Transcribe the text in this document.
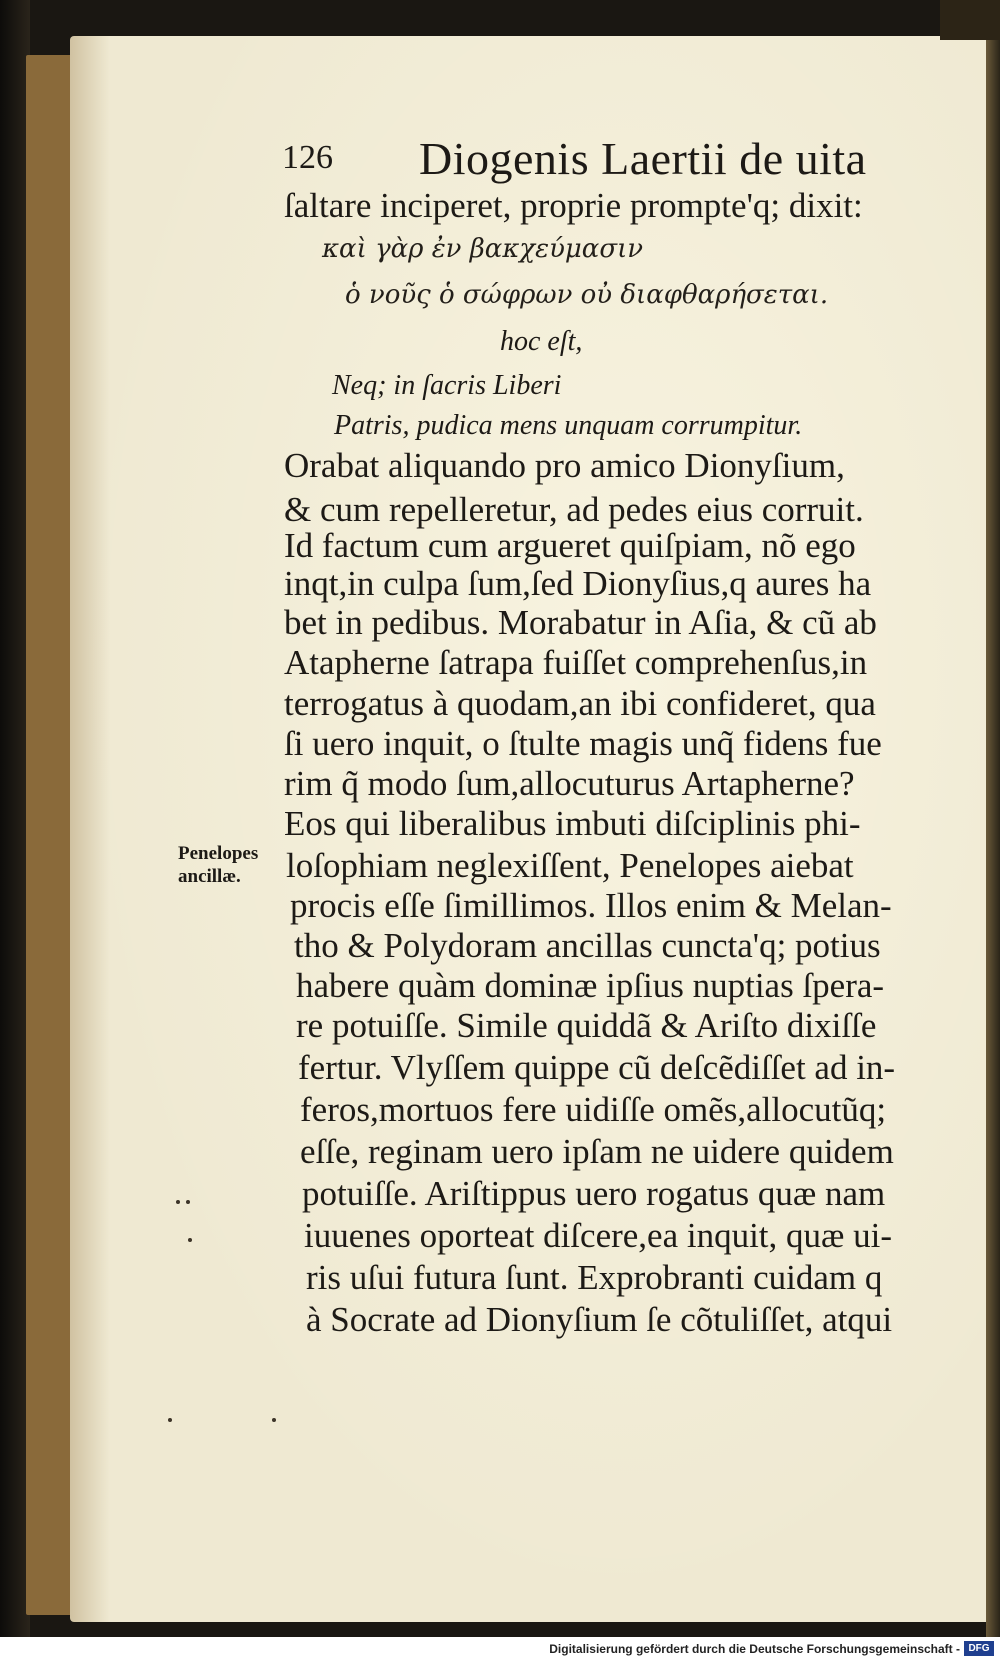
126 Diogenis Laertii de uita
ſaltare inciperet, proprie prompte'q; dixit:
καὶ γὰρ ἐν βακχεύμασιν
ὁ νοῦς ὁ σώφρων οὐ διαφθαρήσεται.
hoc eſt,
Neq; in ſacris Liberi
Patris, pudica mens unquam corrumpitur.
Orabat aliquando pro amico Dionyſium,
& cum repelleretur, ad pedes eius corruit.
Id factum cum argueret quiſpiam, nõ ego
inqt,in culpa ſum,ſed Dionyſius,q aures ha
bet in pedibus. Morabatur in Aſia, & cũ ab
Atapherne ſatrapa fuiſſet comprehenſus,in
terrogatus à quodam,an ibi confideret, qua
ſi uero inquit, o ſtulte magis unq̃ fidens fue
rim q̃ modo ſum,allocuturus Artapherne?
Eos qui liberalibus imbuti diſciplinis phi-
loſophiam neglexiſſent, Penelopes aiebat
procis eſſe ſimillimos. Illos enim & Melan-
tho & Polydoram ancillas cuncta'q; potius
habere quàm dominæ ipſius nuptias ſpera-
re potuiſſe. Simile quiddã & Ariſto dixiſſe
fertur. Vlyſſem quippe cũ deſcẽdiſſet ad in-
feros,mortuos fere uidiſſe omẽs,allocutũq;
eſſe, reginam uero ipſam ne uidere quidem
potuiſſe. Ariſtippus uero rogatus quæ nam
iuuenes oporteat diſcere,ea inquit, quæ ui-
ris uſui futura ſunt. Exprobranti cuidam q
à Socrate ad Dionyſium ſe cõtuliſſet, atqui
Penelopes
ancillæ.
Digitalisierung gefördert durch die Deutsche Forschungsgemeinschaft - DFG
